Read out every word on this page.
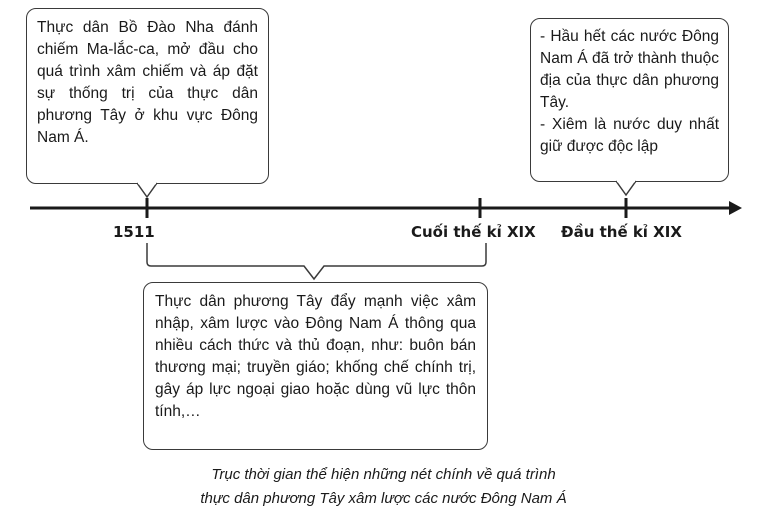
Thực dân Bồ Đào Nha đánh chiếm Ma-lắc-ca, mở đầu cho quá trình xâm chiếm và áp đặt sự thống trị của thực dân phương Tây ở khu vực Đông Nam Á.

- Hầu hết các nước Đông Nam Á đã trở thành thuộc địa của thực dân phương Tây.

- Xiêm là nước duy nhất giữ được độc lập

Thực dân phương Tây đẩy mạnh việc xâm nhập, xâm lược vào Đông Nam Á thông qua nhiều cách thức và thủ đoạn, như: buôn bán thương mại; truyền giáo; khống chế chính trị, gây áp lực ngoại giao hoặc dùng vũ lực thôn tính,…

1511	Cuối thế kỉ XIX Đầu thế kỉ XIX
Trục thời gian thể hiện những nét chính về quá trình
thực dân phương Tây xâm lược các nước Đông Nam Á
